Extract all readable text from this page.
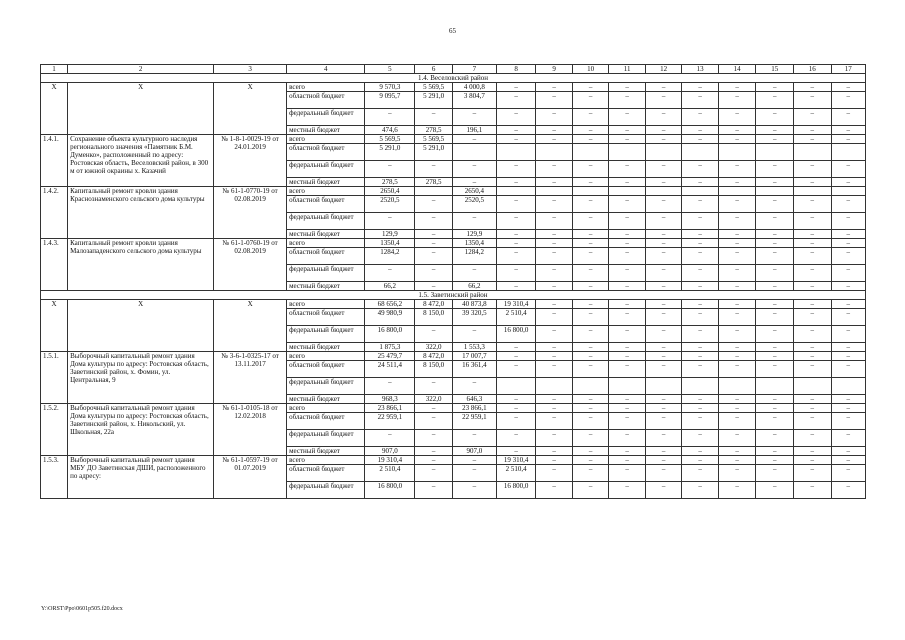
65
1	2	3	4	5	6	7	8	9	10	11	12	13	14	15	16	17
1.4. Веселовский район																
X	X	X	всего	9 570,3	5 569,5	4 000,8	–	–	–	–	–	–	–	–	–	–
			областной бюджет	9 095,7	5 291,0	3 804,7	–	–	–	–	–	–	–	–	–	–
			федеральный бюджет	–	–	–	–	–	–	–	–	–	–	–	–	–
			местный бюджет	474,6	278,5	196,1	–	–	–	–	–	–	–	–	–	–
1.4.1.	Сохранение объекта культурного наследия регионального значения «Памятник Б.М. Думенко», расположенный по адресу: Ростовская область, Веселовский район, в 300 м от южной окраины х. Казачий	№ 1-8-1-0029-19 от 24.01.2019	всего	5 569,5	5 569,5	–	–	–	–	–	–	–	–	–	–	–
			областной бюджет	5 291,0	5 291,0											
			федеральный бюджет	–	–	–	–	–	–	–	–	–	–	–	–	–
			местный бюджет	278,5	278,5	–	–	–	–	–	–	–	–	–	–	–
1.4.2.	Капитальный ремонт кровли здания Краснознаменского сельского дома культуры	№ 61-1-0770-19 от 02.08.2019	всего	2650,4		2650,4										
			областной бюджет	2520,5	–	2520,5	–	–	–	–	–	–	–	–	–	–
			федеральный бюджет	–	–	–	–	–	–	–	–	–	–	–	–	–
			местный бюджет	129,9	–	129,9	–	–	–	–	–	–	–	–	–	–
1.4.3.	Капитальный ремонт кровли здания Малозападенского сельского дома культуры	№ 61-1-0760-19 от 02.08.2019	всего	1350,4	–	1350,4	–	–	–	–	–	–	–	–	–	–
			областной бюджет	1284,2	–	1284,2	–	–	–	–	–	–	–	–	–	–
			федеральный бюджет	–	–	–	–	–	–	–	–	–	–	–	–	–
			местный бюджет	66,2	–	66,2	–	–	–	–	–	–	–	–	–	–
1.5. Заветинский район																
X	X	X	всего	68 656,2	8 472,0	40 873,8	19 310,4	–	–	–	–	–	–	–	–	–
			областной бюджет	49 980,9	8 150,0	39 320,5	2 510,4	–	–	–	–	–	–	–	–	–
			федеральный бюджет	16 800,0	–	–	16 800,0	–	–	–	–	–	–	–	–	–
			местный бюджет	1 875,3	322,0	1 553,3	–	–	–	–	–	–	–	–	–	–
1.5.1.	Выборочный капитальный ремонт здания Дома культуры по адресу: Ростовская область, Заветинский район, х. Фомин, ул. Центральная, 9	№ 3-6-1-0325-17 от 13.11.2017	всего	25 479,7	8 472,0	17 007,7	–	–	–	–	–	–	–	–	–	–
			областной бюджет	24 511,4	8 150,0	16 361,4	–	–	–	–	–	–	–	–	–	–
			федеральный бюджет	–	–	–										
			местный бюджет	968,3	322,0	646,3	–	–	–	–	–	–	–	–	–	–
1.5.2.	Выборочный капитальный ремонт здания Дома культуры по адресу: Ростовская область, Заветинский район, х. Никольский, ул. Школьная, 22а	№ 61-1-0105-18 от 12.02.2018	всего	23 866,1	–	23 866,1	–	–	–	–	–	–	–	–	–	–
			областной бюджет	22 959,1	–	22 959,1	–	–	–	–	–	–	–	–	–	–
			федеральный бюджет	–	–	–	–	–	–	–	–	–	–	–	–	–
			местный бюджет	907,0	–	907,0	–	–	–	–	–	–	–	–	–	–
1.5.3.	Выборочный капитальный ремонт здания МБУ ДО Заветинская ДШИ, расположенного по адресу:	№ 61-1-0597-19 от 01.07.2019	всего	19 310,4	–	–	19 310,4	–	–	–	–	–	–	–	–	–
			областной бюджет	2 510,4	–	–	2 510,4	–	–	–	–	–	–	–	–	–
			федеральный бюджет	16 800,0	–	–	16 800,0	–	–	–	–	–	–	–	–	–
Y:\ORST\Ppo\0601p505.f20.docx
